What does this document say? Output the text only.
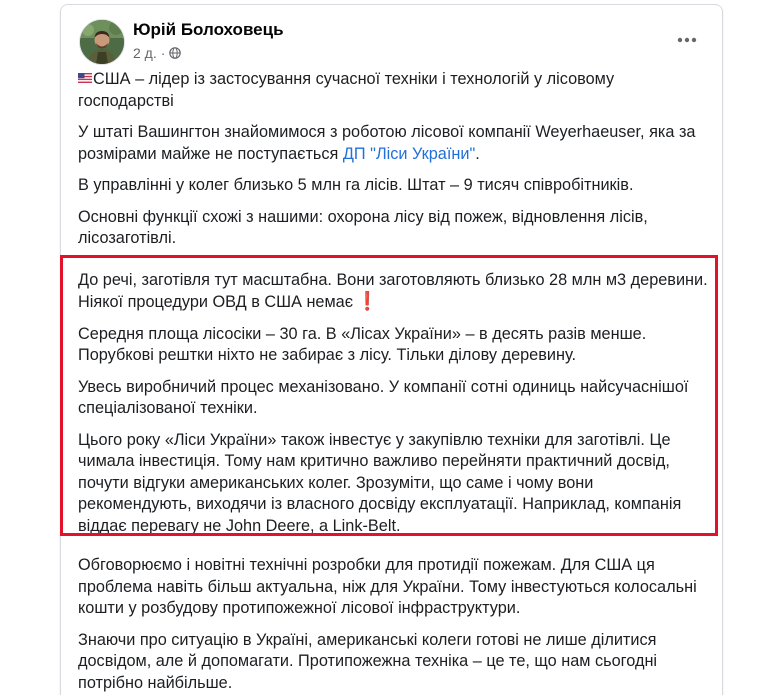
Юрій Болоховець
2 д. ·

США – лідер із застосування сучасної техніки і технологій у лісовому господарстві

У штаті Вашингтон знайомимося з роботою лісової компанії Weyerhaeuser, яка за розмірами майже не поступається ДП "Ліси України".

В управлінні у колег близько 5 млн га лісів. Штат – 9 тисяч співробітників.

Основні функції схожі з нашими: охорона лісу від пожеж, відновлення лісів, лісозаготівлі.

До речі, заготівля тут масштабна. Вони заготовляють близько 28 млн м3 деревини. Ніякої процедури ОВД в США немає ❗

Середня площа лісосіки – 30 га. В «Лісах України» – в десять разів менше. Порубкові рештки ніхто не забирає з лісу. Тільки ділову деревину.

Увесь виробничий процес механізовано. У компанії сотні одиниць найсучаснішої спеціалізованої техніки.

Цього року «Ліси України» також інвестує у закупівлю техніки для заготівлі. Це чимала інвестиція. Тому нам критично важливо перейняти практичний досвід, почути відгуки американських колег. Зрозуміти, що саме і чому вони рекомендують, виходячи із власного досвіду експлуатації. Наприклад, компанія віддає перевагу не John Deere, а Link-Belt.

Обговорюємо і новітні технічні розробки для протидії пожежам. Для США ця проблема навіть більш актуальна, ніж для України. Тому інвестуються колосальні кошти у розбудову протипожежної лісової інфраструктури.

Знаючи про ситуацію в Україні, американські колеги готові не лише ділитися досвідом, але й допомагати. Протипожежна техніка – це те, що нам сьогодні потрібно найбільше.
